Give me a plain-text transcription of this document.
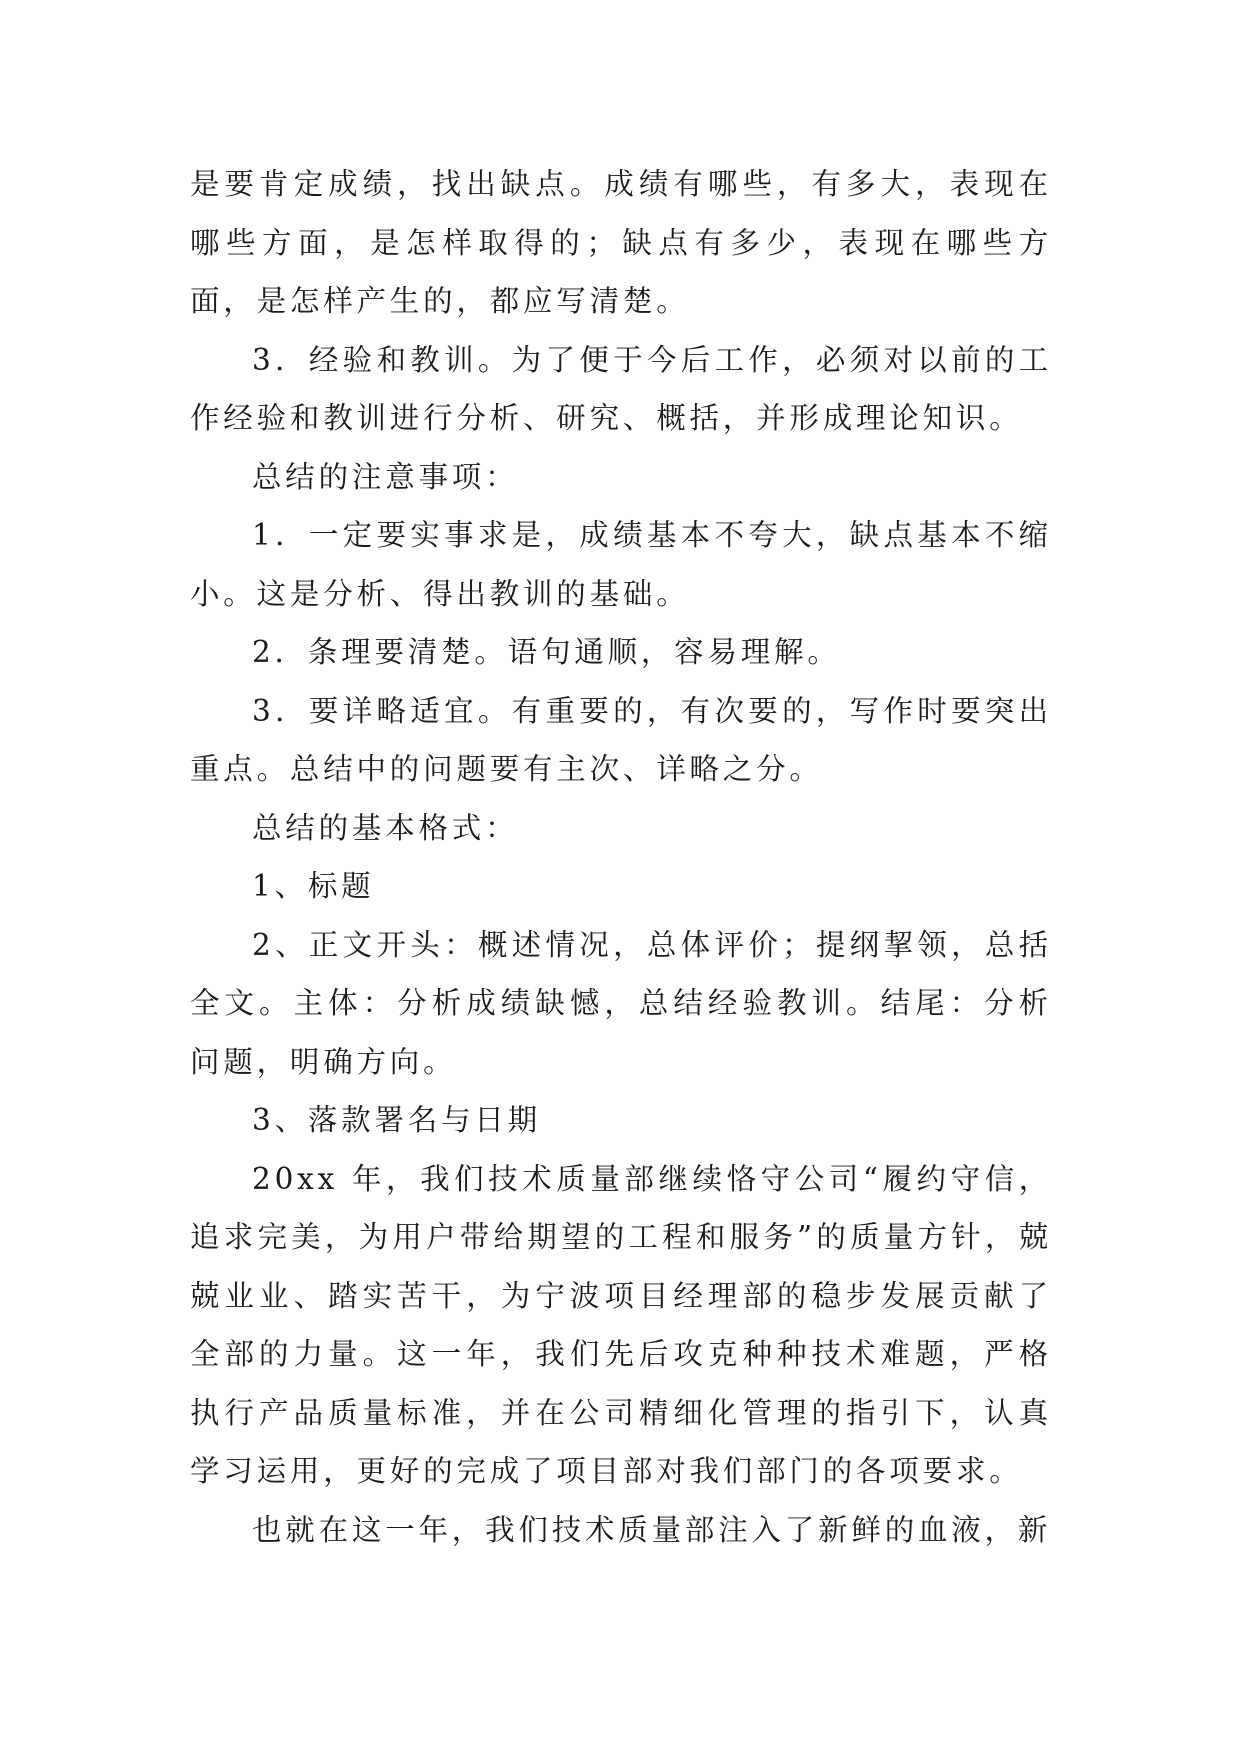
是要肯定成绩，找出缺点。成绩有哪些，有多大，表现在哪些方面，是怎样取得的；缺点有多少，表现在哪些方面，是怎样产生的，都应写清楚。

3．经验和教训。为了便于今后工作，必须对以前的工作经验和教训进行分析、研究、概括，并形成理论知识。

总结的注意事项：

1．一定要实事求是，成绩基本不夸大，缺点基本不缩小。这是分析、得出教训的基础。

2．条理要清楚。语句通顺，容易理解。

3．要详略适宜。有重要的，有次要的，写作时要突出重点。总结中的问题要有主次、详略之分。

总结的基本格式：

1、标题

2、正文开头：概述情况，总体评价；提纲挈领，总括全文。主体：分析成绩缺憾，总结经验教训。结尾：分析问题，明确方向。

3、落款署名与日期

20xx 年，我们技术质量部继续恪守公司“履约守信，追求完美，为用户带给期望的工程和服务”的质量方针，兢兢业业、踏实苦干，为宁波项目经理部的稳步发展贡献了全部的力量。这一年，我们先后攻克种种技术难题，严格执行产品质量标准，并在公司精细化管理的指引下，认真学习运用，更好的完成了项目部对我们部门的各项要求。

也就在这一年，我们技术质量部注入了新鲜的血液，新
